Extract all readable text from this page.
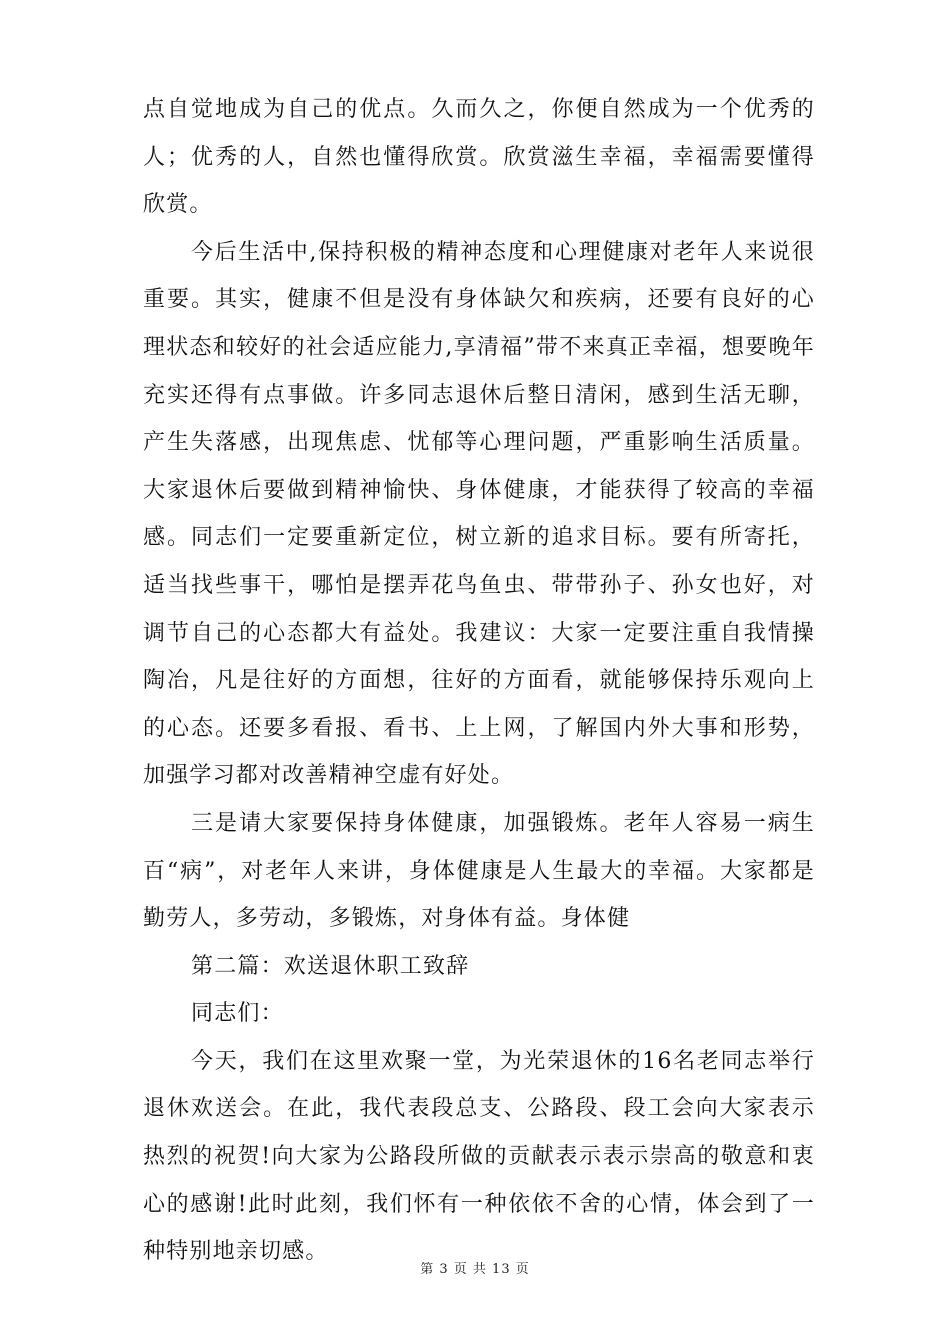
点自觉地成为自己的优点。久而久之，你便自然成为一个优秀的人；优秀的人，自然也懂得欣赏。欣赏滋生幸福，幸福需要懂得欣赏。

今后生活中,保持积极的精神态度和心理健康对老年人来说很重要。其实，健康不但是没有身体缺欠和疾病，还要有良好的心理状态和较好的社会适应能力,享清福”带不来真正幸福，想要晚年充实还得有点事做。许多同志退休后整日清闲，感到生活无聊，产生失落感，出现焦虑、忧郁等心理问题，严重影响生活质量。大家退休后要做到精神愉快、身体健康，才能获得了较高的幸福感。同志们一定要重新定位，树立新的追求目标。要有所寄托，适当找些事干，哪怕是摆弄花鸟鱼虫、带带孙子、孙女也好，对调节自己的心态都大有益处。我建议：大家一定要注重自我情操陶冶，凡是往好的方面想，往好的方面看，就能够保持乐观向上的心态。还要多看报、看书、上上网，了解国内外大事和形势，加强学习都对改善精神空虚有好处。

三是请大家要保持身体健康，加强锻炼。老年人容易一病生百“病”，对老年人来讲，身体健康是人生最大的幸福。大家都是勤劳人，多劳动，多锻炼，对身体有益。身体健

第二篇：欢送退休职工致辞

同志们：

今天，我们在这里欢聚一堂，为光荣退休的16名老同志举行退休欢送会。在此，我代表段总支、公路段、段工会向大家表示热烈的祝贺!向大家为公路段所做的贡献表示表示崇高的敬意和衷心的感谢!此时此刻，我们怀有一种依依不舍的心情，体会到了一种特别地亲切感。

第 3 页 共 13 页
